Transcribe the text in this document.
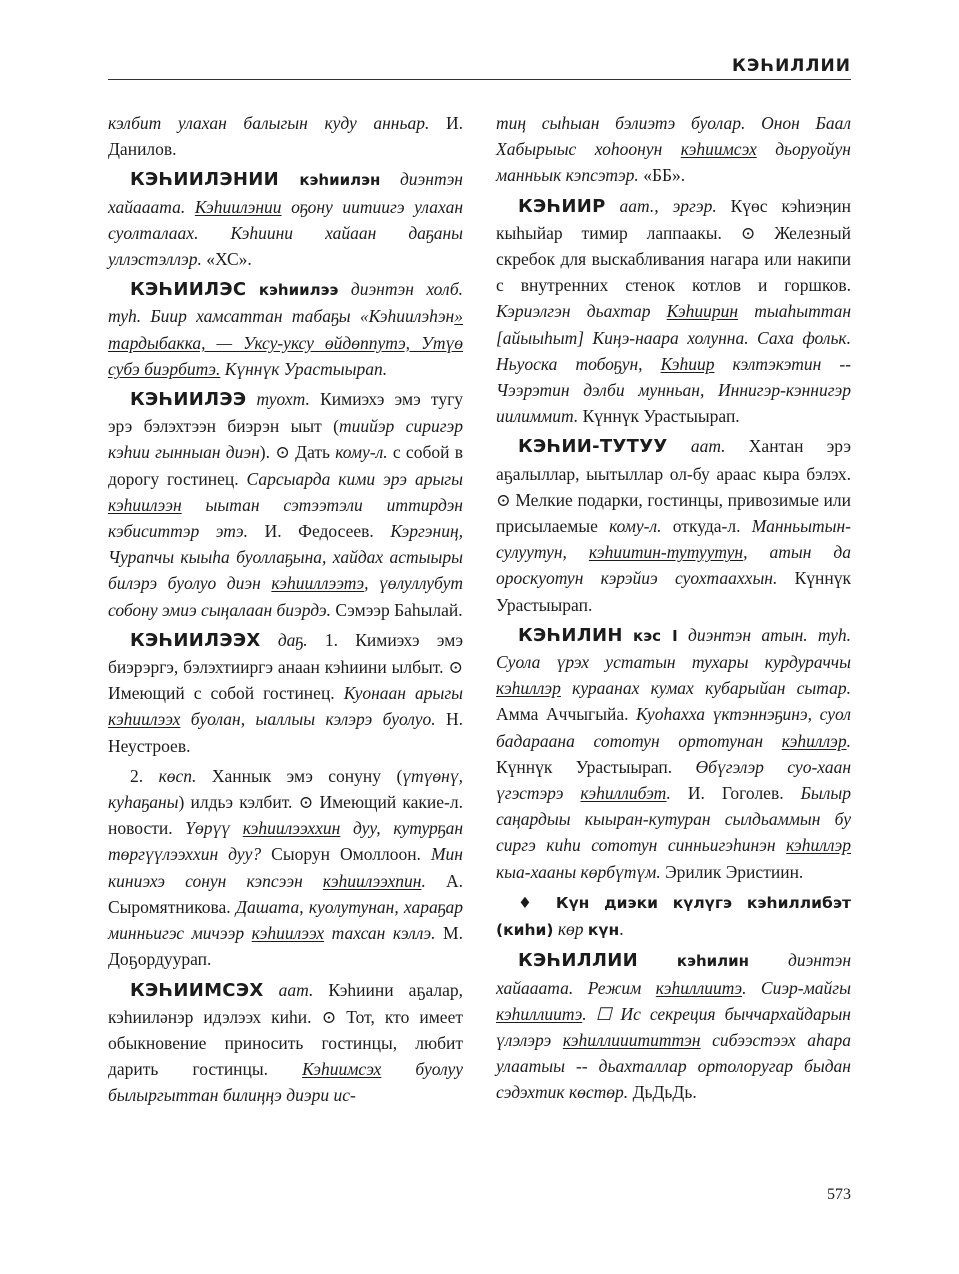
КЭҺИЛЛИИ

кэлбит улахан балыгын куду анньар. И. Данилов.

КЭҺИИЛЭНИИ кэһиилэн диэнтэн хайааата. Кэһиилэнии оҕону иитиигэ улахан суолталаах. Кэһиини хайаан даҕаны уллэстэллэр. «ХС».

КЭҺИИЛЭС кэһиилээ диэнтэн холб. туһ. Биир хамсаттан табаҕы «Кэһиилэһэн» тардыбакка, — Уксу-уксу өйдөппутэ, Утүө субэ биэрбитэ. Күннүк Урастыырап.

КЭҺИИЛЭЭ туохт. Кимиэхэ эмэ тугу эрэ бэлэхтээн биэрэн ыыт (тиийэр сиригэр кэһии гынныан диэн). ⊙ Дать кому-л. с собой в дорогу гостинец. Сарсыарда кими эрэ арыгы кэһиилээн ыытан сэтээтэли иттирдэн кэбиситтэр этэ. И. Федосеев. Кэргэниӊ, Чурапчы кыыһа буоллаҕына, хайдах астыыры билэрэ буолуо диэн кэһииллээтэ, үөлуллубут собону эмиэ сыӊалаан биэрдэ. Сэмээр Баһылай.

КЭҺИИЛЭЭХ даҕ. 1. Кимиэхэ эмэ биэрэргэ, бэлэхтииргэ анаан кэһиини ылбыт. ⊙ Имеющий с собой гостинец. Куонаан арыгы кэһиилээх буолан, ыаллыы кэлэрэ буолуо. Н. Неустроев.

2. көсп. Ханнык эмэ сонуну (үтүөнү, куһаҕаны) илдьэ кэлбит. ⊙ Имеющий какие-л. новости. Үөрүү кэһиилээххин дуу, кутурҕан төргүүлээххин дуу? Сыорун Омоллоон. Мин киниэхэ сонун кэпсээн кэһиилээхпин. А. Сыромятникова. Дашата, куолутунан, хараҕар минньигэс мичээр кэһиилээх тахсан кэллэ. М. Доҕордуурап.

КЭҺИИМСЭХ аат. Кэһиини аҕалар, кэһииләнэр идэлээх киһи. ⊙ Тот, кто имеет обыкновение приносить гостинцы, любит дарить гостинцы. Кэһиимсэх буолуу былыргыттан билиӊӊэ диэри ис-

тиӊ сыһыан бэлиэтэ буолар. Онон Баал Хабырыыс хоһоонун кэһиимсэх дьоруойун манньык кэпсэтэр. «ББ».

КЭҺИИР аат., эргэр. Күөс кэһиэӊин кыһыйар тимир лаппаакы. ⊙ Железный скребок для выскабливания нагара или накипи с внутренних стенок котлов и горшков. Кэриэлгэн дьахтар Кэһиирин тыаһыттан [айыыһыт] Киӊэ-наара холунна. Саха фольк. Ньуоска тобоҕун, Кэһиир кэлтэкэтин -- Чээрэтин дэлби мунньан, Иннигэр-кэннигэр иилиммит. Күннүк Урастыырап.

КЭҺИИ-ТУТУУ аат. Хантан эрэ аҕалыллар, ыытыллар ол-бу араас кыра бэлэх. ⊙ Мелкие подарки, гостинцы, привозимые или присылаемые кому-л. откуда-л. Манньытын-сулуутун, кэһиитин-тутуутун, атын да ороскуотун кэрэйиэ суохтааххын. Күннүк Урастыырап.

КЭҺИЛИН кэс I диэнтэн атын. туһ. Суола үрэх устатын тухары курдураччы кэһиллэр кураанах кумах кубарыйан сытар. Амма Аччыгыйа. Куоһахха үктэннэҕинэ, суол бадараана сототун ортотунан кэһиллэр. Күннүк Урастыырап. Өбүгэлэр суо-хаан үгэстэрэ кэһиллибэт. И. Гоголев. Былыр саӊардыы кыыран-кутуран сылдьаммын бу сиргэ киһи сототун синньигэһинэн кэһиллэр кыа-хааны көрбүтүм. Эрилик Эристиин.

♦ Күн диэки күлүгэ кэһиллибэт (киһи) көр күн.

КЭҺИЛЛИИ	кэһилин диэнтэн хайааата. Режим кэһиллиитэ. Сиэр-майгы кэһиллиитэ. ☐ Ис секреция быччархайдарын үлэлэрэ кэһиллииититтэн сибээстээх аһара улаатыы -- дьахталлар ортолоругар быдан сэдэхтик көстөр. ДьДьДь.

573
